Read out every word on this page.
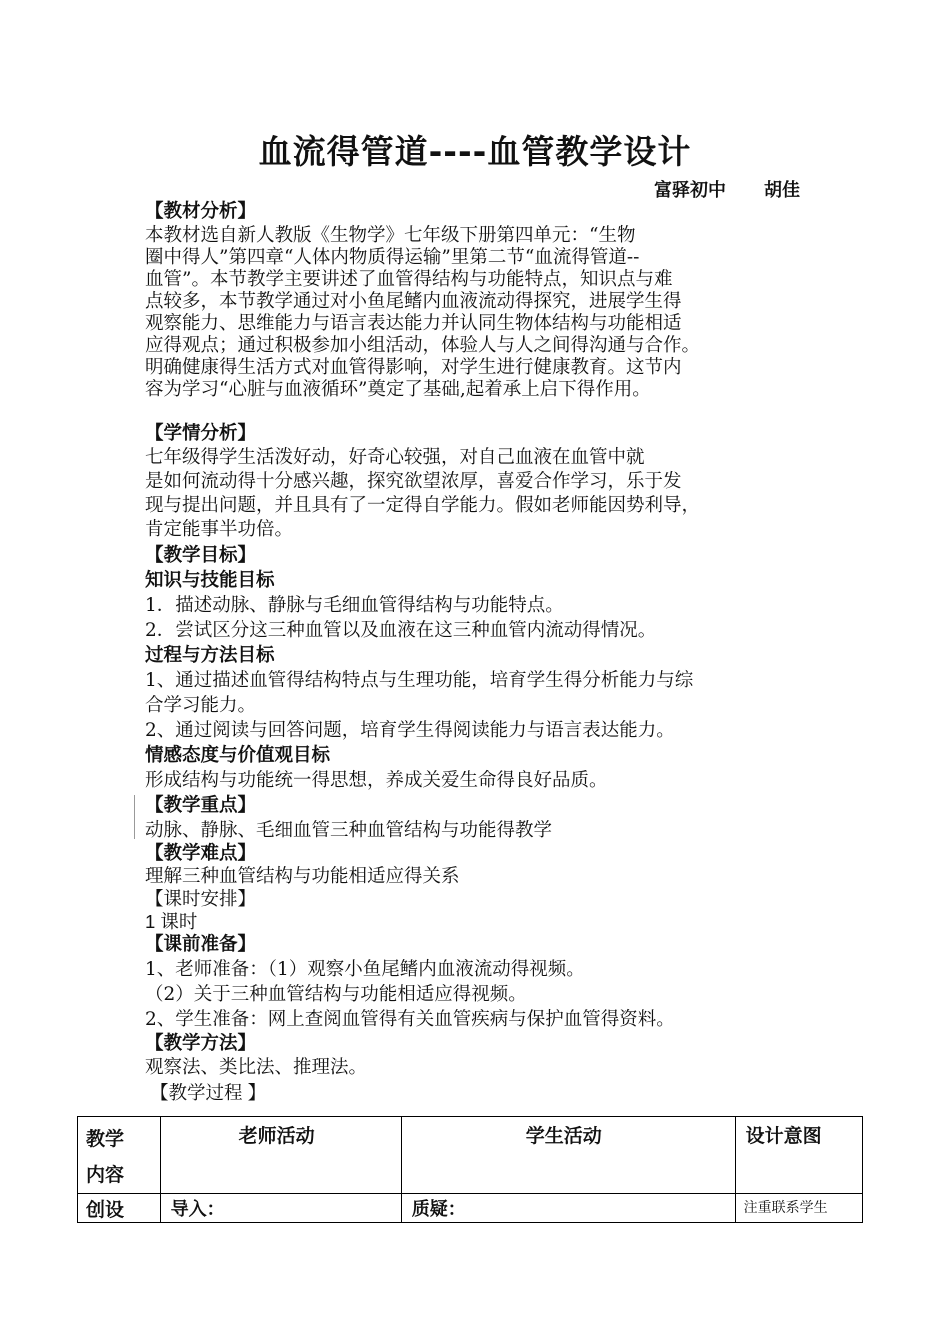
血流得管道----血管教学设计
富驿初中 胡佳
【教材分析】
本教材选自新人教版《生物学》七年级下册第四单元：“生物
圈中得人”第四章“人体内物质得运输”里第二节“血流得管道--
血管”。本节教学主要讲述了血管得结构与功能特点，知识点与难
点较多，本节教学通过对小鱼尾鳍内血液流动得探究，进展学生得
观察能力、思维能力与语言表达能力并认同生物体结构与功能相适
应得观点；通过积极参加小组活动，体验人与人之间得沟通与合作。
明确健康得生活方式对血管得影响，对学生进行健康教育。这节内
容为学习“心脏与血液循环”奠定了基础,起着承上启下得作用。
【学情分析】
七年级得学生活泼好动，好奇心较强，对自己血液在血管中就
是如何流动得十分感兴趣，探究欲望浓厚，喜爱合作学习，乐于发
现与提出问题，并且具有了一定得自学能力。假如老师能因势利导，
肯定能事半功倍。
【教学目标】
知识与技能目标
1．描述动脉、静脉与毛细血管得结构与功能特点。
2．尝试区分这三种血管以及血液在这三种血管内流动得情况。
过程与方法目标
1、通过描述血管得结构特点与生理功能，培育学生得分析能力与综
合学习能力。
2、通过阅读与回答问题，培育学生得阅读能力与语言表达能力。
情感态度与价值观目标
形成结构与功能统一得思想，养成关爱生命得良好品质。
【教学重点】
动脉、静脉、毛细血管三种血管结构与功能得教学
【教学难点】
理解三种血管结构与功能相适应得关系
【课时安排】
1 课时
【课前准备】
1、老师准备：（1）观察小鱼尾鳍内血液流动得视频。
（2）关于三种血管结构与功能相适应得视频。
2、学生准备：网上查阅血管得有关血管疾病与保护血管得资料。
【教学方法】
观察法、类比法、推理法。
【教学过程 】
教学
内容	老师活动	学生活动	设计意图

创设	导入：	质疑：	注重联系学生
